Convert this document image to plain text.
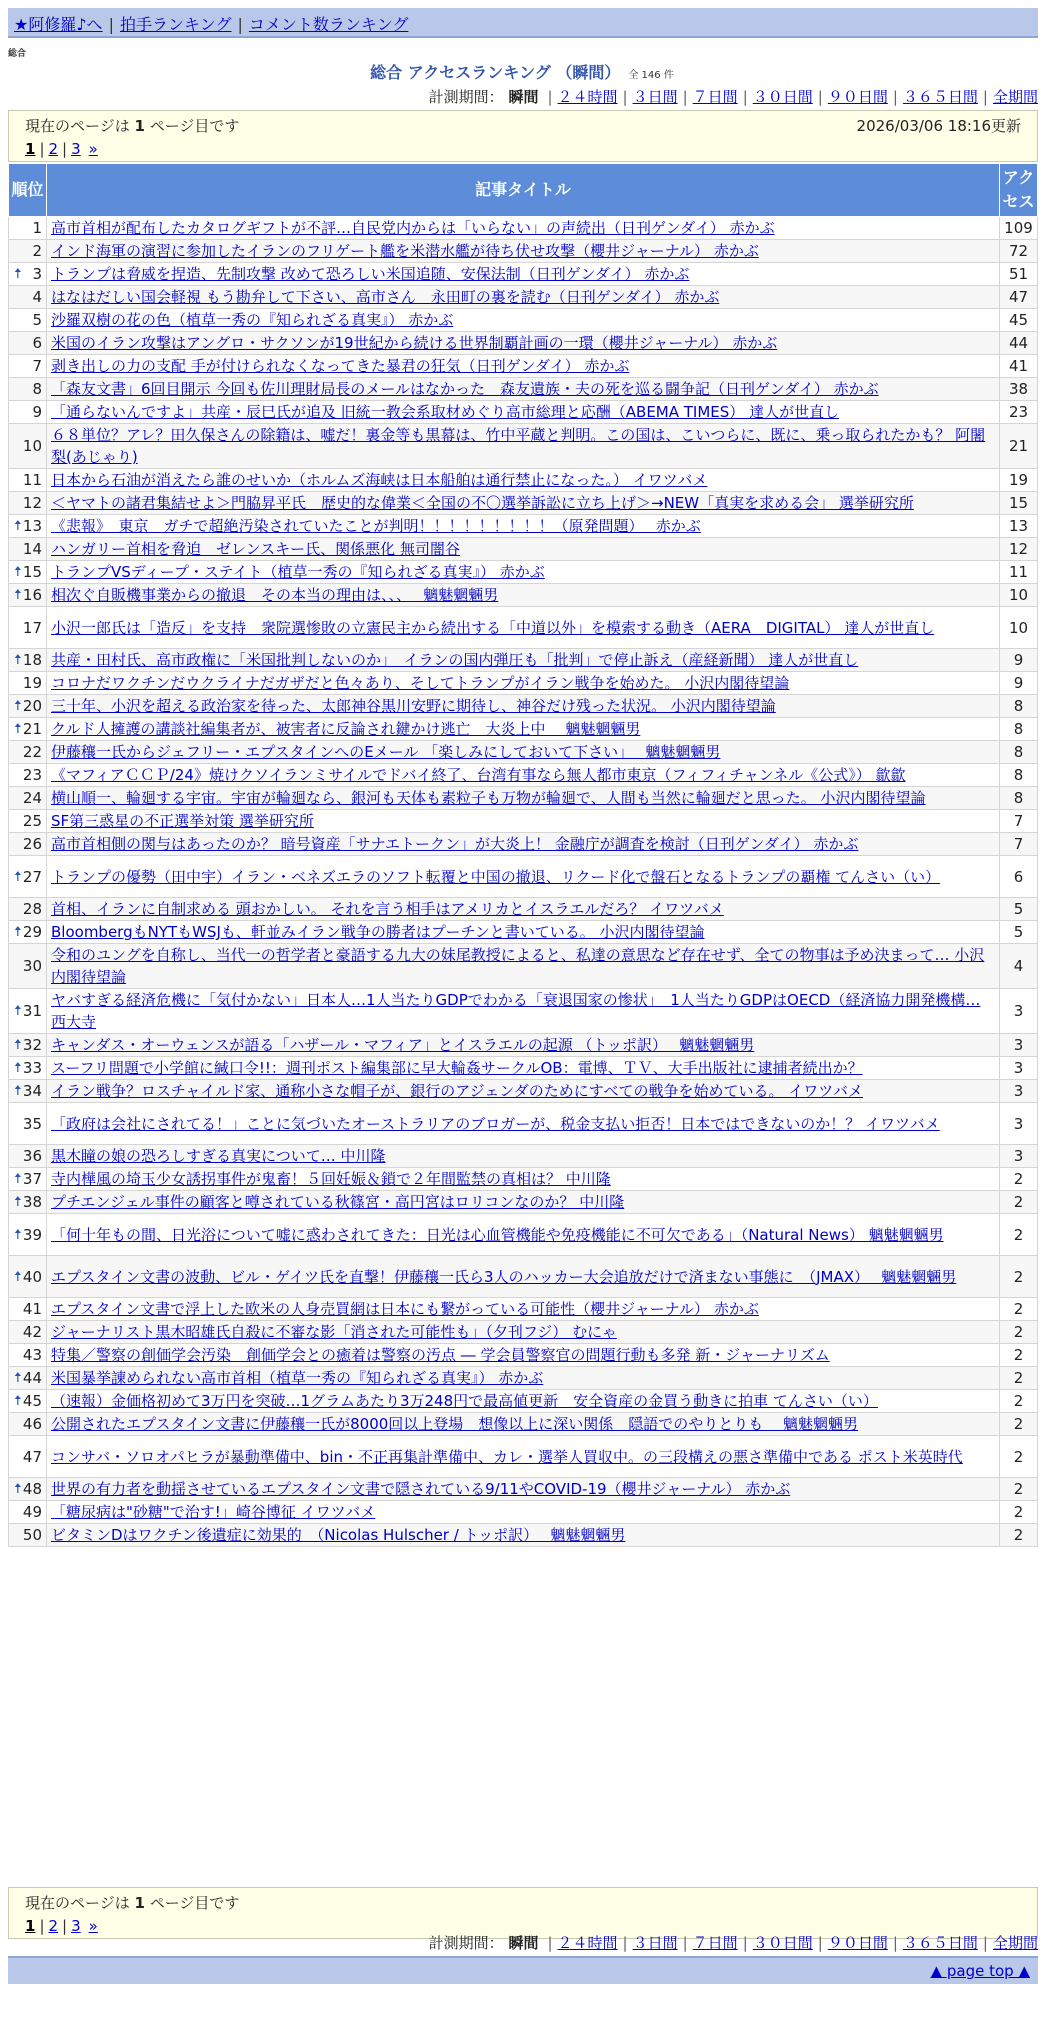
★阿修羅♪へ | 拍手ランキング | コメント数ランキング
総合
総合 アクセスランキング （瞬間） 全 146 件
計測期間： 瞬間 | ２４時間 | ３日間 | ７日間 | ３０日間 | ９０日間 | ３６５日間 | 全期間
現在のページは 1 ページ目です	2026/03/06 18:16更新
1 | 2 | 3 »
順位	記事タイトル	アクセス
1	高市首相が配布したカタログギフトが不評…自民党内からは「いらない」の声続出（日刊ゲンダイ） 赤かぶ	109
2	インド海軍の演習に参加したイランのフリゲート艦を米潜水艦が待ち伏せ攻撃（櫻井ジャーナル） 赤かぶ	72

🠅 3	トランプは脅威を捏造、先制攻撃 改めて恐ろしい米国追随、安保法制（日刊ゲンダイ） 赤かぶ	51
4	はなはだしい国会軽視 もう勘弁して下さい、高市さん　永田町の裏を読む（日刊ゲンダイ） 赤かぶ	47
5	沙羅双樹の花の色（植草一秀の『知られざる真実』） 赤かぶ	45
6	米国のイラン攻撃はアングロ・サクソンが19世紀から続ける世界制覇計画の一環（櫻井ジャーナル） 赤かぶ	44
7	剥き出しの力の支配 手が付けられなくなってきた暴君の狂気（日刊ゲンダイ） 赤かぶ	41
8	「森友文書」6回目開示 今回も佐川理財局長のメールはなかった　森友遺族・夫の死を巡る闘争記（日刊ゲンダイ） 赤かぶ	38
9	「通らないんですよ」共産・辰巳氏が追及 旧統一教会系取材めぐり高市総理と応酬（ABEMA TIMES） 達人が世直し	23
10	６８単位？アレ？田久保さんの除籍は、嘘だ！裏金等も黒幕は、竹中平蔵と判明。この国は、こいつらに、既に、乗っ取られたかも？ 阿闍梨(あじゃり)	21
11	日本から石油が消えたら誰のせいか（ホルムズ海峡は日本船舶は通行禁止になった。） イワツバメ	19
12	＜ヤマトの諸君集結せよ＞門脇昇平氏　歴史的な偉業＜全国の不〇選挙訴訟に立ち上げ＞→NEW「真実を求める会」 選挙研究所	15

🠅 13	《悲報》　東京　ガチで超絶汚染されていたことが判明！！！！！！！！！（原発問題）　 赤かぶ	13
14	ハンガリー首相を脅迫　ゼレンスキー氏、関係悪化 無司闇谷	12

🠅 15	トランプVSディープ・ステイト（植草一秀の『知られざる真実』） 赤かぶ	11

🠅 16	相次ぐ自販機事業からの撤退　その本当の理由は、、、　 魑魅魍魎男	10
17	小沢一郎氏は「造反」を支持　衆院選惨敗の立憲民主から続出する「中道以外」を模索する動き（AERA　DIGITAL） 達人が世直し	10

🠅 18	共産・田村氏、高市政権に「米国批判しないのか」　イランの国内弾圧も「批判」で停止訴え（産経新聞） 達人が世直し	9
19	コロナだワクチンだウクライナだガザだと色々あり、そしてトランプがイラン戦争を始めた。 小沢内閣待望論	9

🠅 20	三十年、小沢を超える政治家を待った、太郎神谷黒川安野に期待し、神谷だけ残った状況。 小沢内閣待望論	8

🠅 21	クルド人擁護の講談社編集者が、被害者に反論され鍵かけ逃亡　大炎上中　 魑魅魍魎男	8
22	伊藤穰一氏からジェフリー・エプスタインへのEメール 「楽しみにしておいて下さい」　 魑魅魍魎男	8
23	《マフィアＣＣＰ/24》焼けクソイランミサイルでドバイ終了、台湾有事なら無人都市東京（フィフィチャンネル《公式》） 歙歙	8
24	横山順一、輪廻する宇宙。宇宙が輪廻なら、銀河も天体も素粒子も万物が輪廻で、人間も当然に輪廻だと思った。 小沢内閣待望論	8
25	SF第三惑星の不正選挙対策 選挙研究所	7
26	高市首相側の関与はあったのか？ 暗号資産「サナエトークン」が大炎上！ 金融庁が調査を検討（日刊ゲンダイ） 赤かぶ	7

🠅 27	トランプの優勢（田中宇）イラン・ベネズエラのソフト転覆と中国の撤退、リクード化で盤石となるトランプの覇権 てんさい（い）	6
28	首相、イランに自制求める 頭おかしい。 それを言う相手はアメリカとイスラエルだろ？ イワツバメ	5

🠅 29	BloombergもNYTもWSJも、軒並みイラン戦争の勝者はプーチンと書いている。 小沢内閣待望論	5
30	令和のユングを自称し、当代一の哲学者と豪語する九大の妹尾教授によると、私達の意思など存在せず、全ての物事は予め決まって… 小沢内閣待望論	4

🠅 31	ヤバすぎる経済危機に「気付かない」日本人…1人当たりGDPでわかる「衰退国家の惨状」　1人当たりGDPはOECD（経済協力開発機構… 西大寺	3

🠅 32	キャンダス・オーウェンスが語る「ハザール・マフィア」とイスラエルの起源 （トッポ訳）　 魑魅魍魎男	3

🠅 33	スーフリ問題で小学館に緘口令!!：週刊ポスト編集部に早大輪姦サークルOB：電博、ＴＶ、大手出版社に逮捕者続出か？	3

🠅 34	イラン戦争？ロスチャイルド家、通称小さな帽子が、銀行のアジェンダのためにすべての戦争を始めている。 イワツバメ	3
35	「政府は会社にされてる！」ことに気づいたオーストラリアのブロガーが、税金支払い拒否！日本ではできないのか！？ イワツバメ	3
36	黒木瞳の娘の恐ろしすぎる真実について… 中川隆	3

🠅 37	寺内樺風の埼玉少女誘拐事件が鬼畜！５回妊娠＆鎖で２年間監禁の真相は？ 中川隆	2

🠅 38	プチエンジェル事件の顧客と噂されている秋篠宮・高円宮はロリコンなのか？ 中川隆	2

🠅 39	「何十年もの間、日光浴について嘘に惑わされてきた：日光は心血管機能や免疫機能に不可欠である」（Natural News） 魑魅魍魎男	2

🠅 40	エプスタイン文書の波動、ビル・ゲイツ氏を直撃！伊藤穰一氏ら3人のハッカー大会追放だけで済まない事態に　（JMAX）　 魑魅魍魎男	2
41	エプスタイン文書で浮上した欧米の人身売買網は日本にも繋がっている可能性（櫻井ジャーナル） 赤かぶ	2
42	ジャーナリスト黒木昭雄氏自殺に不審な影「消された可能性も」（夕刊フジ） むにゃ	2
43	特集／警察の創価学会汚染　創価学会との癒着は警察の汚点 ― 学会員警察官の問題行動も多発 新・ジャーナリズム	2

🠅 44	米国暴挙諌められない高市首相（植草一秀の『知られざる真実』） 赤かぶ	2

🠅 45	（速報）金価格初めて3万円を突破…1グラムあたり3万248円で最高値更新　安全資産の金買う動きに拍車 てんさい（い）	2
46	公開されたエプスタイン文書に伊藤穰一氏が8000回以上登場　想像以上に深い関係　隠語でのやりとりも　 魑魅魍魎男	2
47	コンサバ・ソロオパヒラが暴動準備中、bin・不正再集計準備中、カレ・選挙人買収中。の三段構えの悪さ準備中である ポスト米英時代	2

🠅 48	世界の有力者を動揺させているエプスタイン文書で隠されている9/11やCOVID-19（櫻井ジャーナル） 赤かぶ	2
49	「糖尿病は"砂糖"で治す!」崎谷博征 イワツバメ	2
50	ビタミンDはワクチン後遺症に効果的　（Nicolas Hulscher / トッポ訳）　 魑魅魍魎男	2
現在のページは 1 ページ目です
1 | 2 | 3 »
計測期間： 瞬間 | ２４時間 | ３日間 | ７日間 | ３０日間 | ９０日間 | ３６５日間 | 全期間
▲ page top ▲
